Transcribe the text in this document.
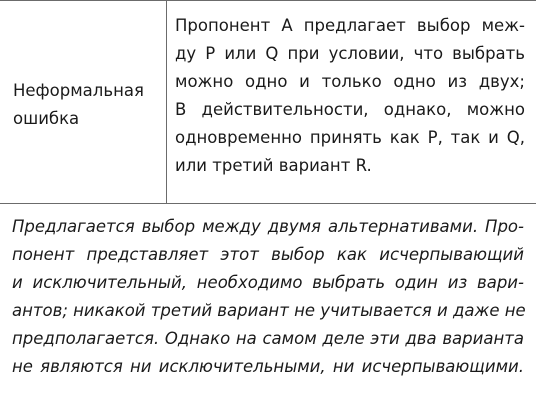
Неформальная
ошибка
Пропонент A предлагает выбор меж-
ду P или Q при условии, что выбрать
можно одно и только одно из двух;
В действительности, однако, можно
одновременно принять как P, так и Q,
или третий вариант R.
Предлагается выбор между двумя альтернативами. Про-
понент представляет этот выбор как исчерпывающий
и исключительный, необходимо выбрать один из вари-
антов; никакой третий вариант не учитывается и даже не
предполагается. Однако на самом деле эти два варианта
не являются ни исключительными, ни исчерпывающими.
